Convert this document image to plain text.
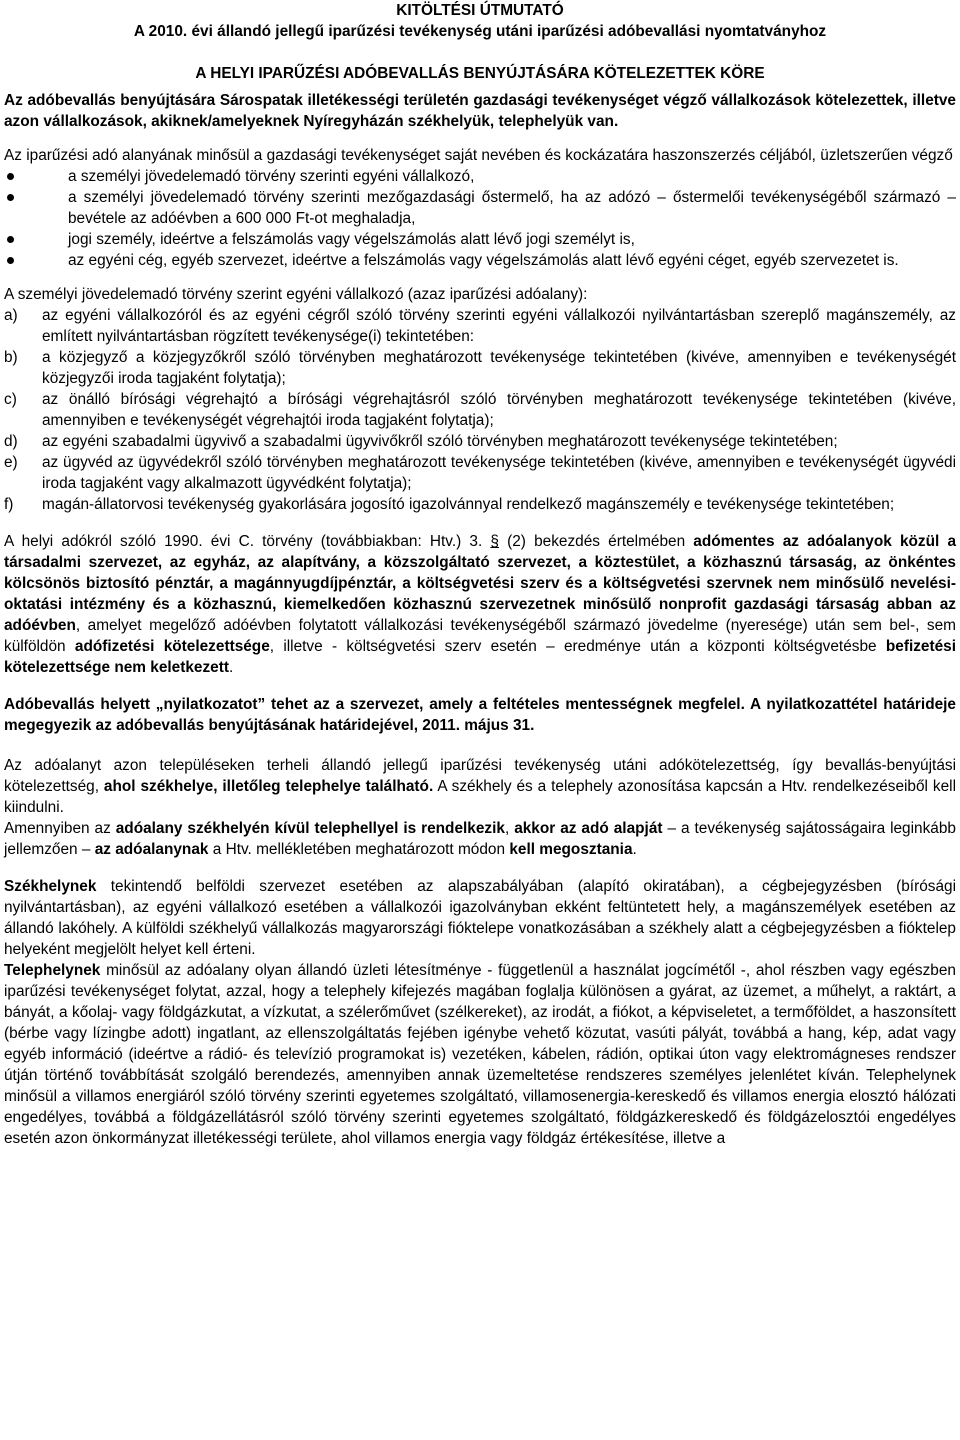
KITÖLTÉSI ÚTMUTATÓ
A 2010. évi állandó jellegű iparűzési tevékenység utáni iparűzési adóbevallási nyomtatványhoz
A HELYI IPARŰZÉSI ADÓBEVALLÁS BENYÚJTÁSÁRA KÖTELEZETTEK KÖRE

Az adóbevallás benyújtására Sárospatak illetékességi területén gazdasági tevékenységet végző vállalkozások kötelezettek, illetve azon vállalkozások, akiknek/amelyeknek Nyíregyházán székhelyük, telephelyük van.

Az iparűzési adó alanyának minősül a gazdasági tevékenységet saját nevében és kockázatára haszonszerzés céljából, üzletszerűen végző

a személyi jövedelemadó törvény szerinti egyéni vállalkozó,
a személyi jövedelemadó törvény szerinti mezőgazdasági őstermelő, ha az adózó – őstermelői tevékenységéből származó – bevétele az adóévben a 600 000 Ft-ot meghaladja,
jogi személy, ideértve a felszámolás vagy végelszámolás alatt lévő jogi személyt is,
az egyéni cég, egyéb szervezet, ideértve a felszámolás vagy végelszámolás alatt lévő egyéni céget, egyéb szervezetet is.

A személyi jövedelemadó törvény szerint egyéni vállalkozó (azaz iparűzési adóalany):

a) az egyéni vállalkozóról és az egyéni cégről szóló törvény szerinti egyéni vállalkozói nyilvántartásban szereplő magánszemély, az említett nyilvántartásban rögzített tevékenysége(i) tekintetében:
b) a közjegyző a közjegyzőkről szóló törvényben meghatározott tevékenysége tekintetében (kivéve, amennyiben e tevékenységét közjegyzői iroda tagjaként folytatja);
c) az önálló bírósági végrehajtó a bírósági végrehajtásról szóló törvényben meghatározott tevékenysége tekintetében (kivéve, amennyiben e tevékenységét végrehajtói iroda tagjaként folytatja);
d) az egyéni szabadalmi ügyvivő a szabadalmi ügyvivőkről szóló törvényben meghatározott tevékenysége tekintetében;
e) az ügyvéd az ügyvédekről szóló törvényben meghatározott tevékenysége tekintetében (kivéve, amennyiben e tevékenységét ügyvédi iroda tagjaként vagy alkalmazott ügyvédként folytatja);
f) magán-állatorvosi tevékenység gyakorlására jogosító igazolvánnyal rendelkező magánszemély e tevékenysége tekintetében;

A helyi adókról szóló 1990. évi C. törvény (továbbiakban: Htv.) 3. § (2) bekezdés értelmében adómentes az adóalanyok közül a társadalmi szervezet, az egyház, az alapítvány, a közszolgáltató szervezet, a köztestület, a közhasznú társaság, az önkéntes kölcsönös biztosító pénztár, a magánnyugdíjpénztár, a költségvetési szerv és a költségvetési szervnek nem minősülő nevelési-oktatási intézmény és a közhasznú, kiemelkedően közhasznú szervezetnek minősülő nonprofit gazdasági társaság abban az adóévben, amelyet megelőző adóévben folytatott vállalkozási tevékenységéből származó jövedelme (nyeresége) után sem bel-, sem külföldön adófizetési kötelezettsége, illetve - költségvetési szerv esetén – eredménye után a központi költségvetésbe befizetési kötelezettsége nem keletkezett.

Adóbevallás helyett „nyilatkozatot” tehet az a szervezet, amely a feltételes mentességnek megfelel. A nyilatkozattétel határideje megegyezik az adóbevallás benyújtásának határidejével, 2011. május 31.

Az adóalanyt azon településeken terheli állandó jellegű iparűzési tevékenység utáni adókötelezettség, így bevallás-benyújtási kötelezettség, ahol székhelye, illetőleg telephelye található. A székhely és a telephely azonosítása kapcsán a Htv. rendelkezéseiből kell kiindulni.

Amennyiben az adóalany székhelyén kívül telephellyel is rendelkezik, akkor az adó alapját – a tevékenység sajátosságaira leginkább jellemzően – az adóalanynak a Htv. mellékletében meghatározott módon kell megosztania.

Székhelynek tekintendő belföldi szervezet esetében az alapszabályában (alapító okiratában), a cégbejegyzésben (bírósági nyilvántartásban), az egyéni vállalkozó esetében a vállalkozói igazolványban ekként feltüntetett hely, a magánszemélyek esetében az állandó lakóhely. A külföldi székhelyű vállalkozás magyarországi fióktelepe vonatkozásában a székhely alatt a cégbejegyzésben a fióktelep helyeként megjelölt helyet kell érteni.

Telephelynek minősül az adóalany olyan állandó üzleti létesítménye - függetlenül a használat jogcímétől -, ahol részben vagy egészben iparűzési tevékenységet folytat, azzal, hogy a telephely kifejezés magában foglalja különösen a gyárat, az üzemet, a műhelyt, a raktárt, a bányát, a kőolaj- vagy földgázkutat, a vízkutat, a szélerőművet (szélkereket), az irodát, a fiókot, a képviseletet, a termőföldet, a haszonsített (bérbe vagy lízingbe adott) ingatlant, az ellenszolgáltatás fejében igénybe vehető közutat, vasúti pályát, továbbá a hang, kép, adat vagy egyéb információ (ideértve a rádió- és televízió programokat is) vezetéken, kábelen, rádión, optikai úton vagy elektromágneses rendszer útján történő továbbítását szolgáló berendezés, amennyiben annak üzemeltetése rendszeres személyes jelenlétet kíván. Telephelynek minősül a villamos energiáról szóló törvény szerinti egyetemes szolgáltató, villamosenergia-kereskedő és villamos energia elosztó hálózati engedélyes, továbbá a földgázellátásról szóló törvény szerinti egyetemes szolgáltató, földgázkereskedő és földgázelosztói engedélyes esetén azon önkormányzat illetékességi területe, ahol villamos energia vagy földgáz értékesítése, illetve a
